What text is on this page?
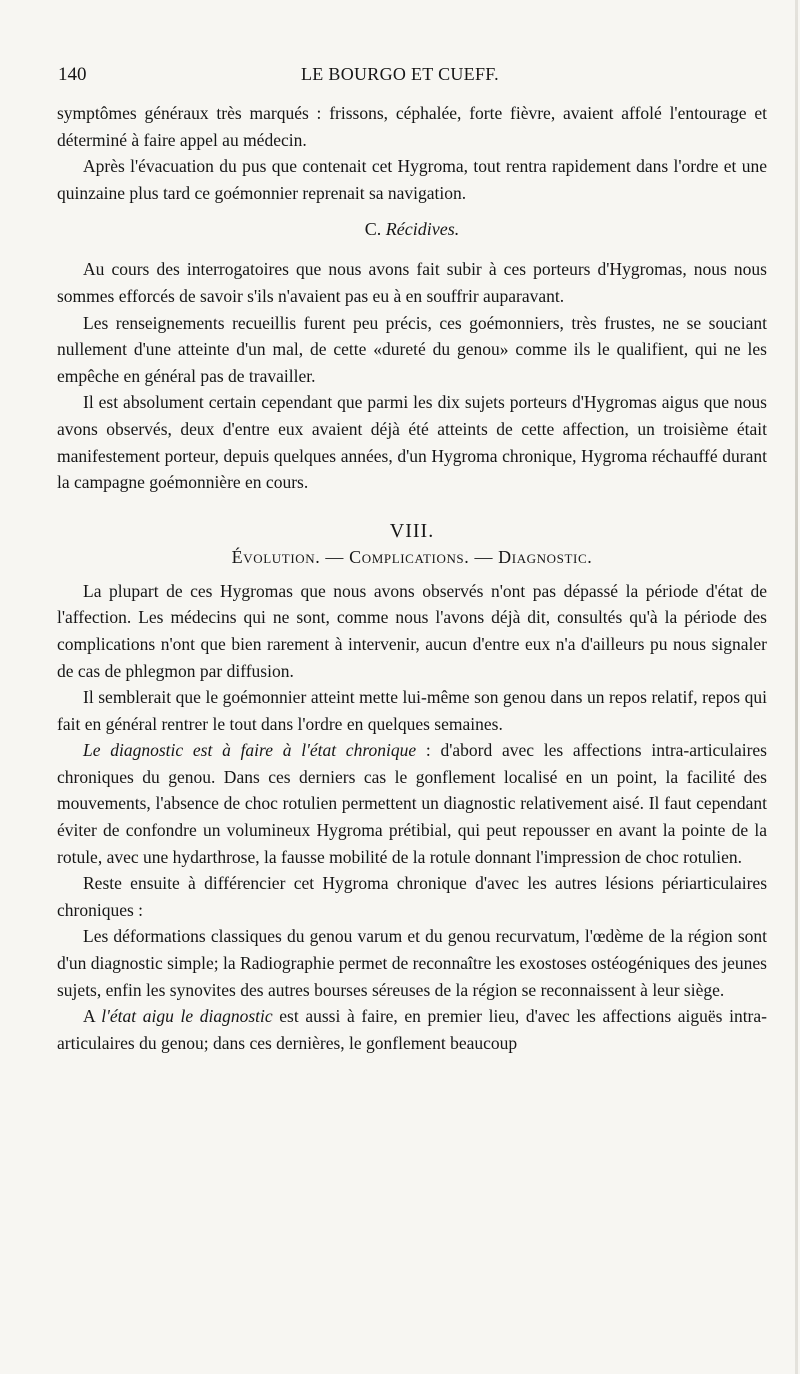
140	LE BOURGO ET CUEFF.

symptômes généraux très marqués : frissons, céphalée, forte fièvre, avaient affolé l'entourage et déterminé à faire appel au médecin.

Après l'évacuation du pus que contenait cet Hygroma, tout rentra rapidement dans l'ordre et une quinzaine plus tard ce goémonnier reprenait sa navigation.

C. Récidives.

Au cours des interrogatoires que nous avons fait subir à ces porteurs d'Hygromas, nous nous sommes efforcés de savoir s'ils n'avaient pas eu à en souffrir auparavant.

Les renseignements recueillis furent peu précis, ces goémonniers, très frustes, ne se souciant nullement d'une atteinte d'un mal, de cette «dureté du genou» comme ils le qualifient, qui ne les empêche en général pas de travailler.

Il est absolument certain cependant que parmi les dix sujets porteurs d'Hygromas aigus que nous avons observés, deux d'entre eux avaient déjà été atteints de cette affection, un troisième était manifestement porteur, depuis quelques années, d'un Hygroma chronique, Hygroma réchauffé durant la campagne goémonnière en cours.

VIII.
Évolution. — Complications. — Diagnostic.

La plupart de ces Hygromas que nous avons observés n'ont pas dépassé la période d'état de l'affection. Les médecins qui ne sont, comme nous l'avons déjà dit, consultés qu'à la période des complications n'ont que bien rarement à intervenir, aucun d'entre eux n'a d'ailleurs pu nous signaler de cas de phlegmon par diffusion.

Il semblerait que le goémonnier atteint mette lui-même son genou dans un repos relatif, repos qui fait en général rentrer le tout dans l'ordre en quelques semaines.

Le diagnostic est à faire à l'état chronique : d'abord avec les affections intra-articulaires chroniques du genou. Dans ces derniers cas le gonflement localisé en un point, la facilité des mouvements, l'absence de choc rotulien permettent un diagnostic relativement aisé. Il faut cependant éviter de confondre un volumineux Hygroma prétibial, qui peut repousser en avant la pointe de la rotule, avec une hydarthrose, la fausse mobilité de la rotule donnant l'impression de choc rotulien.

Reste ensuite à différencier cet Hygroma chronique d'avec les autres lésions périarticulaires chroniques :

Les déformations classiques du genou varum et du genou recurvatum, l'œdème de la région sont d'un diagnostic simple; la Radiographie permet de reconnaître les exostoses ostéogéniques des jeunes sujets, enfin les synovites des autres bourses séreuses de la région se reconnaissent à leur siège.

A l'état aigu le diagnostic est aussi à faire, en premier lieu, d'avec les affections aiguës intra-articulaires du genou; dans ces dernières, le gonflement beaucoup
